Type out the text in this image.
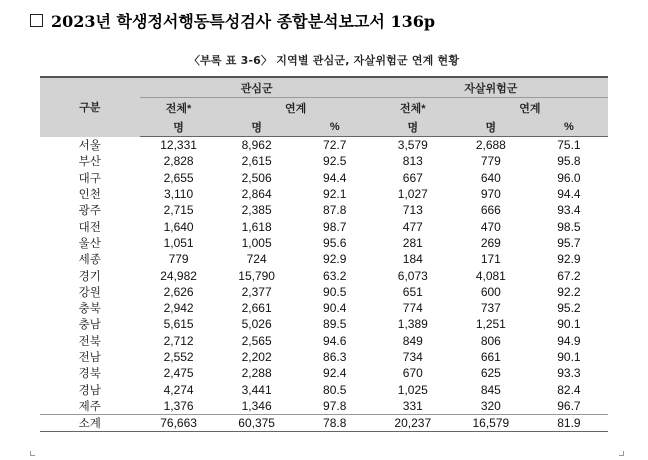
2023년 학생정서행동특성검사 종합분석보고서 136p
〈부록 표 3-6〉 지역별 관심군, 자살위험군 연계 현황
구분	관심군			자살위험군		
	전체*	연계		전체*	연계	
	명	명	%	명	명	%
서울	12,331	8,962	72.7	3,579	2,688	75.1
부산	2,828	2,615	92.5	813	779	95.8
대구	2,655	2,506	94.4	667	640	96.0
인천	3,110	2,864	92.1	1,027	970	94.4
광주	2,715	2,385	87.8	713	666	93.4
대전	1,640	1,618	98.7	477	470	98.5
울산	1,051	1,005	95.6	281	269	95.7
세종	779	724	92.9	184	171	92.9
경기	24,982	15,790	63.2	6,073	4,081	67.2
강원	2,626	2,377	90.5	651	600	92.2
충북	2,942	2,661	90.4	774	737	95.2
충남	5,615	5,026	89.5	1,389	1,251	90.1
전북	2,712	2,565	94.6	849	806	94.9
전남	2,552	2,202	86.3	734	661	90.1
경북	2,475	2,288	92.4	670	625	93.3
경남	4,274	3,441	80.5	1,025	845	82.4
제주	1,376	1,346	97.8	331	320	96.7
소계	76,663	60,375	78.8	20,237	16,579	81.9
